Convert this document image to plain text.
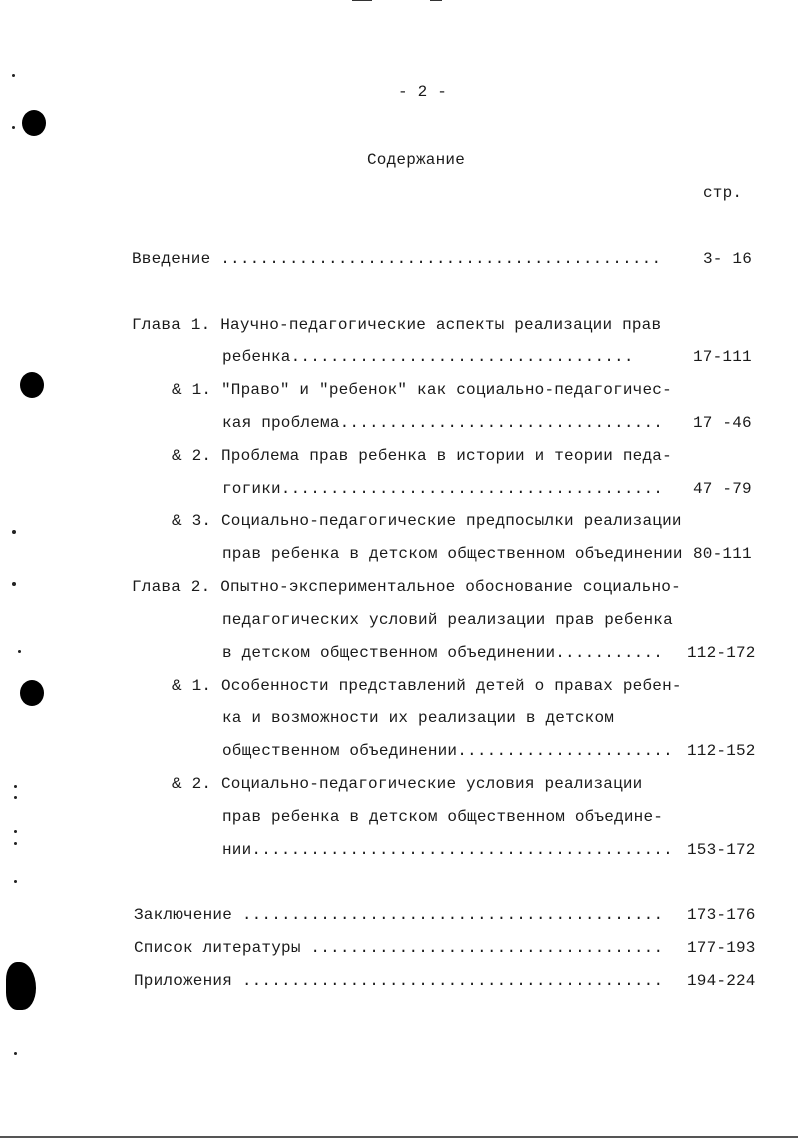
- 2 -
Содержание
стр.
Введение .............................................	3- 16
Глава 1. Научно-педагогические аспекты реализации прав
ребенка...................................	17-111
& 1. "Право" и "ребенок" как социально-педагогичес-
кая проблема................................. 17 -46
& 2. Проблема прав ребенка в истории и теории педа-
гогики....................................... 47 -79
& 3. Социально-педагогические предпосылки реализации
прав ребенка в детском общественном объединении 80-111
Глава 2. Опытно-экспериментальное обоснование социально-
педагогических условий реализации прав ребенка
в детском общественном объединении........... 112-172
& 1. Особенности представлений детей о правах ребен-
ка и возможности их реализации в детском
общественном объединении...................... 112-152
& 2. Социально-педагогические условия реализации
прав ребенка в детском общественном объедине-
нии........................................... 153-172
Заключение ........................................... 173-176
Список литературы .................................... 177-193
Приложения ........................................... 194-224
